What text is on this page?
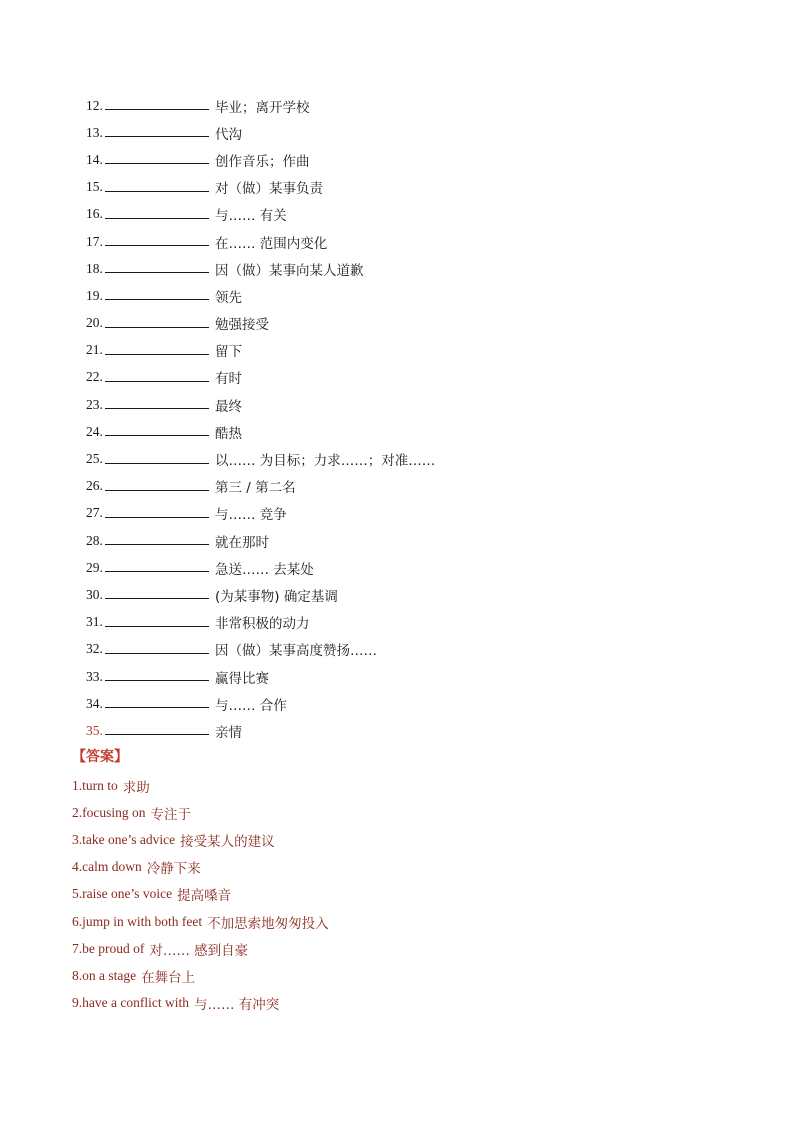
12.	毕业；离开学校
13.	代沟
14.	创作音乐；作曲
15.	对（做）某事负责
16.	与…… 有关
17.	在…… 范围内变化
18.	因（做）某事向某人道歉
19.	领先
20.	勉强接受
21.	留下
22.	有时
23.	最终
24.	酷热
25.	以…… 为目标；力求……；对准……
26.	第三 / 第二名
27.	与…… 竞争
28.	就在那时
29.	急送…… 去某处
30.	(为某事物) 确定基调
31.	非常积极的动力
32.	因（做）某事高度赞扬……
33.	赢得比赛
34.	与…… 合作
35.	亲情
【答案】
1.turn to 求助
2.focusing on 专注于
3.take one’s advice 接受某人的建议
4.calm down 冷静下来
5.raise one’s voice 提高嗓音
6.jump in with both feet 不加思索地匆匆投入
7.be proud of 对…… 感到自豪
8.on a stage 在舞台上
9.have a conflict with 与…… 有冲突
